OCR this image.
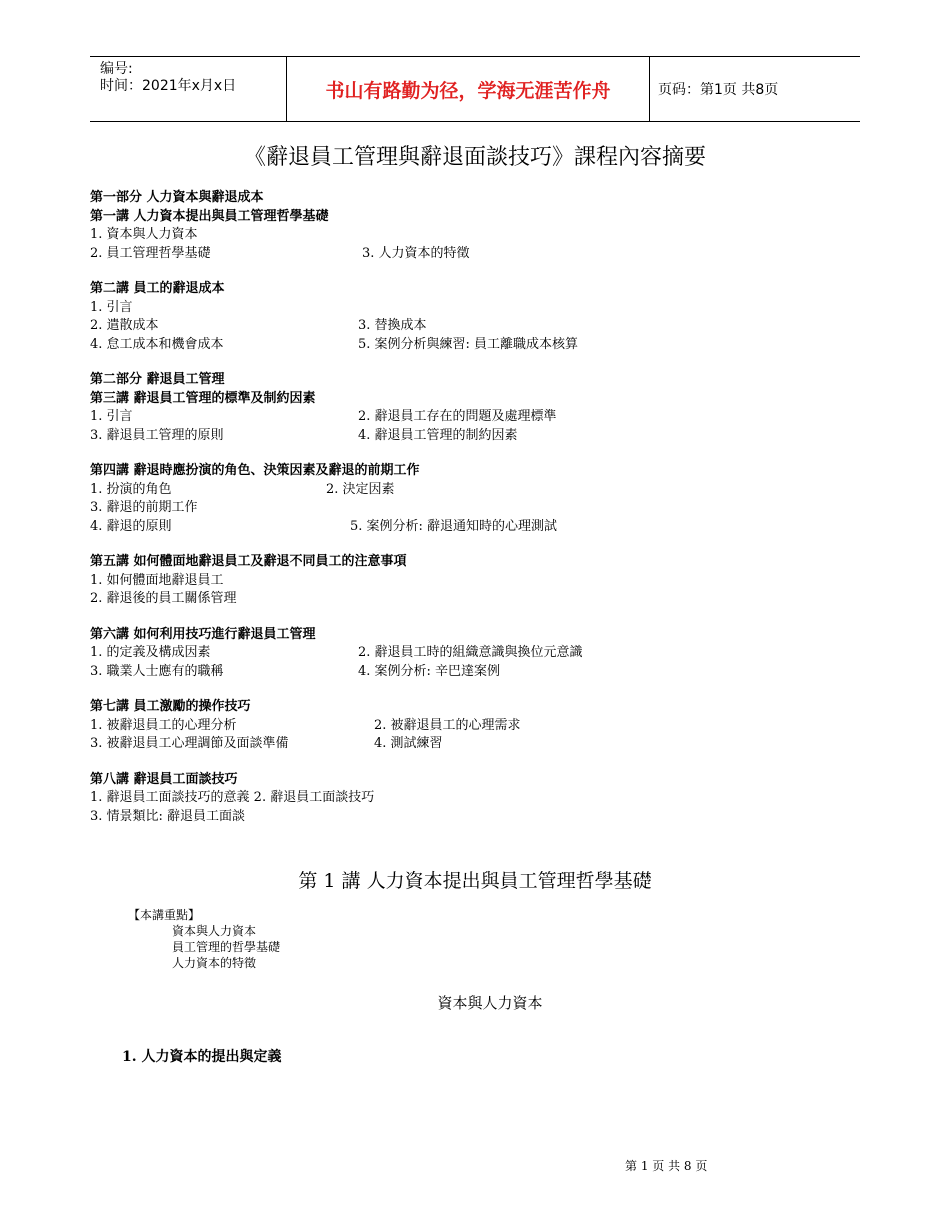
编号:
时间：2021年x月x日	书山有路勤为径，学海无涯苦作舟	页码：第1页 共8页
《辭退員工管理與辭退面談技巧》課程內容摘要
第一部分 人力資本與辭退成本
第一講 人力資本提出與員工管理哲學基礎
1. 資本與人力資本
2. 員工管理哲學基礎	3. 人力資本的特徵
第二講 員工的辭退成本
1. 引言
2. 遣散成本	3. 替換成本
4. 怠工成本和機會成本	5. 案例分析與練習: 員工離職成本核算
第二部分 辭退員工管理
第三講 辭退員工管理的標準及制約因素
1. 引言	2. 辭退員工存在的問題及處理標準
3. 辭退員工管理的原則	4. 辭退員工管理的制約因素
第四講 辭退時應扮演的角色、決策因素及辭退的前期工作
1. 扮演的角色	2. 決定因素
3. 辭退的前期工作
4. 辭退的原則	5. 案例分析: 辭退通知時的心理測試
第五講 如何體面地辭退員工及辭退不同員工的注意事項
1. 如何體面地辭退員工
2. 辭退後的員工關係管理
第六講 如何利用技巧進行辭退員工管理
1. 的定義及構成因素	2. 辭退員工時的組織意識與換位元意識
3. 職業人士應有的職稱	4. 案例分析: 辛巴達案例
第七講 員工激勵的操作技巧
1. 被辭退員工的心理分析	2. 被辭退員工的心理需求
3. 被辭退員工心理調節及面談準備	4. 測試練習
第八講 辭退員工面談技巧
1. 辭退員工面談技巧的意義 2. 辭退員工面談技巧
3. 情景類比: 辭退員工面談
第 1 講 人力資本提出與員工管理哲學基礎
【本講重點】
資本與人力資本
員工管理的哲學基礎
人力資本的特徵
資本與人力資本
1. 人力資本的提出與定義
第 1 页 共 8 页
